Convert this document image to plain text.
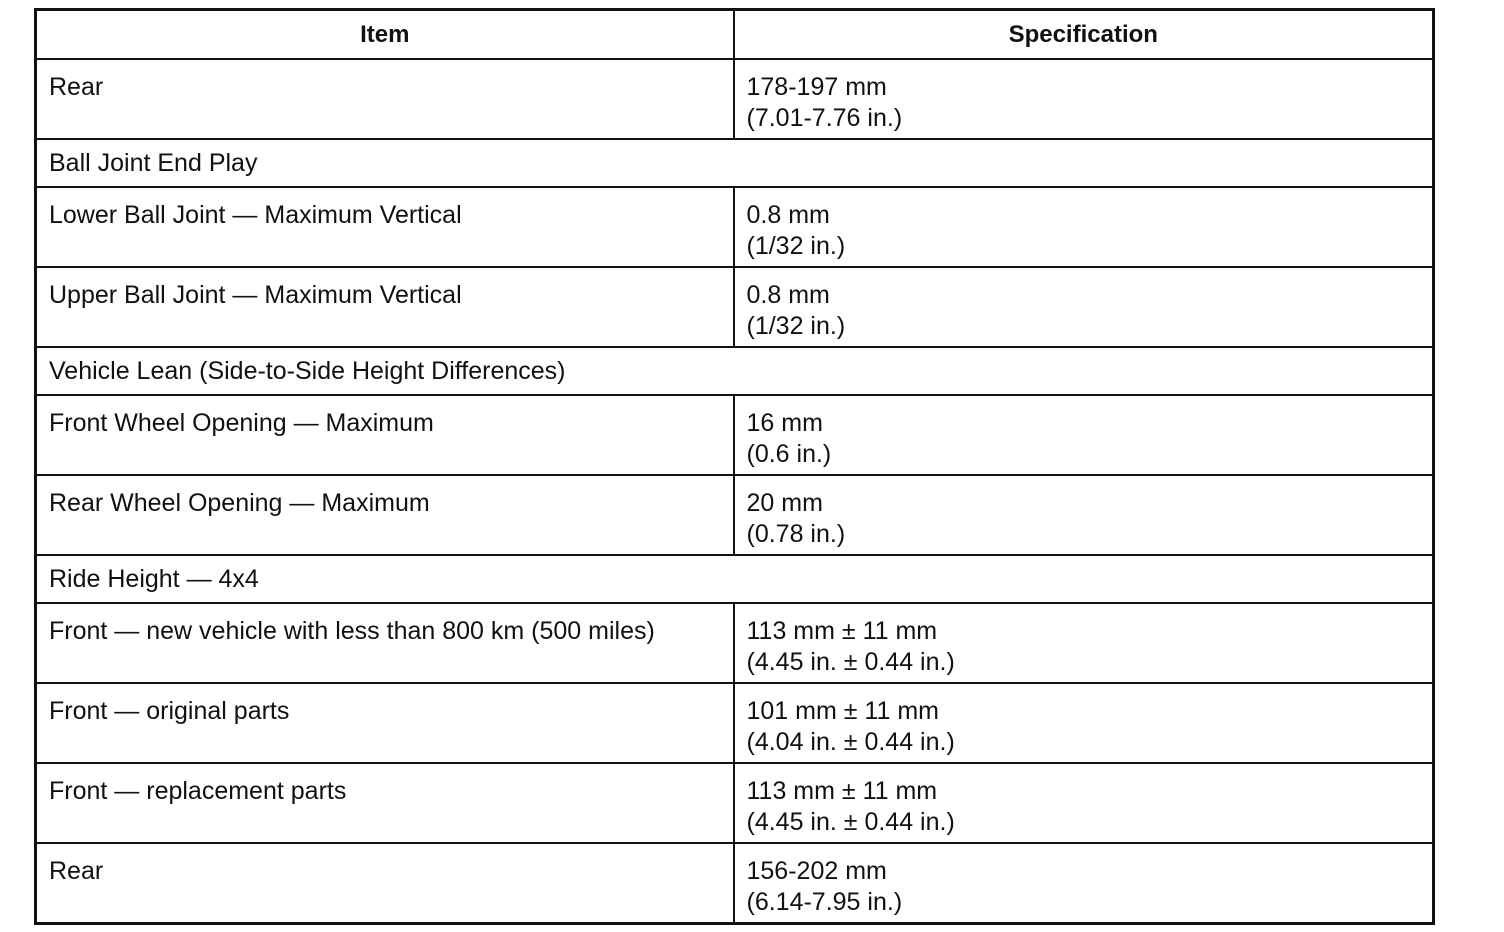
Item	Specification

Rear	178-197 mm
(7.01-7.76 in.)

Ball Joint End Play	

Lower Ball Joint — Maximum Vertical	0.8 mm
(1/32 in.)

Upper Ball Joint — Maximum Vertical	0.8 mm
(1/32 in.)

Vehicle Lean (Side-to-Side Height Differences)	

Front Wheel Opening — Maximum	16 mm
(0.6 in.)

Rear Wheel Opening — Maximum	20 mm
(0.78 in.)

Ride Height — 4x4	

Front — new vehicle with less than 800 km (500 miles)	113 mm ± 11 mm
(4.45 in. ± 0.44 in.)

Front — original parts	101 mm ± 11 mm
(4.04 in. ± 0.44 in.)

Front — replacement parts	113 mm ± 11 mm
(4.45 in. ± 0.44 in.)

Rear	156-202 mm
(6.14-7.95 in.)
